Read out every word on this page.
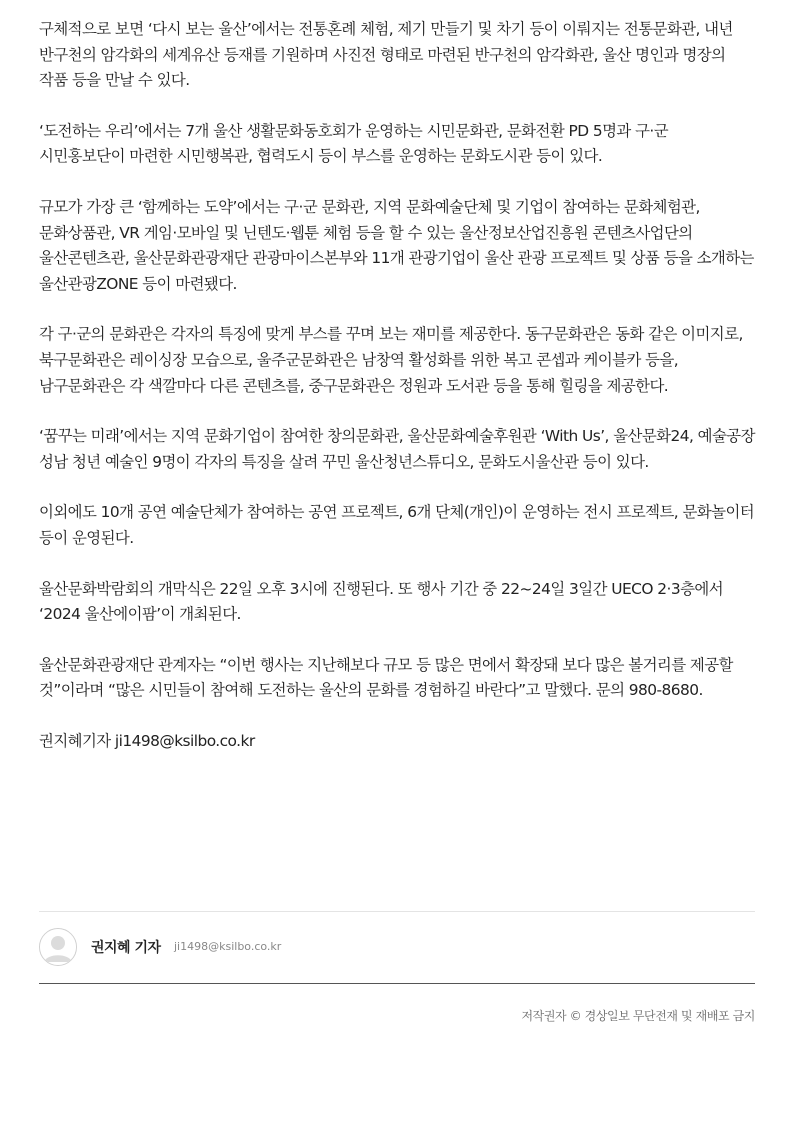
구체적으로 보면 ‘다시 보는 울산’에서는 전통혼례 체험, 제기 만들기 및 차기 등이 이뤄지는 전통문화관, 내년 반구천의 암각화의 세계유산 등재를 기원하며 사진전 형태로 마련된 반구천의 암각화관, 울산 명인과 명장의 작품 등을 만날 수 있다.

‘도전하는 우리’에서는 7개 울산 생활문화동호회가 운영하는 시민문화관, 문화전환 PD 5명과 구·군 시민홍보단이 마련한 시민행복관, 협력도시 등이 부스를 운영하는 문화도시관 등이 있다.

규모가 가장 큰 ‘함께하는 도약’에서는 구·군 문화관, 지역 문화예술단체 및 기업이 참여하는 문화체험관, 문화상품관, VR 게임·모바일 및 닌텐도·웹툰 체험 등을 할 수 있는 울산정보산업진흥원 콘텐츠사업단의 울산콘텐츠관, 울산문화관광재단 관광마이스본부와 11개 관광기업이 울산 관광 프로젝트 및 상품 등을 소개하는 울산관광ZONE 등이 마련됐다.

각 구·군의 문화관은 각자의 특징에 맞게 부스를 꾸며 보는 재미를 제공한다. 동구문화관은 동화 같은 이미지로, 북구문화관은 레이싱장 모습으로, 울주군문화관은 남창역 활성화를 위한 복고 콘셉과 케이블카 등을, 남구문화관은 각 색깔마다 다른 콘텐츠를, 중구문화관은 정원과 도서관 등을 통해 힐링을 제공한다.

‘꿈꾸는 미래’에서는 지역 문화기업이 참여한 창의문화관, 울산문화예술후원관 ‘With Us’, 울산문화24, 예술공장 성남 청년 예술인 9명이 각자의 특징을 살려 꾸민 울산청년스튜디오, 문화도시울산관 등이 있다.

이외에도 10개 공연 예술단체가 참여하는 공연 프로젝트, 6개 단체(개인)이 운영하는 전시 프로젝트, 문화놀이터 등이 운영된다.

울산문화박람회의 개막식은 22일 오후 3시에 진행된다. 또 행사 기간 중 22~24일 3일간 UECO 2·3층에서 ‘2024 울산에이팜’이 개최된다.

울산문화관광재단 관계자는 “이번 행사는 지난해보다 규모 등 많은 면에서 확장돼 보다 많은 볼거리를 제공할 것”이라며 “많은 시민들이 참여해 도전하는 울산의 문화를 경험하길 바란다”고 말했다. 문의 980-8680.

권지혜기자 ji1498@ksilbo.co.kr

권지혜 기자 ji1498@ksilbo.co.kr
저작권자 © 경상일보 무단전재 및 재배포 금지
